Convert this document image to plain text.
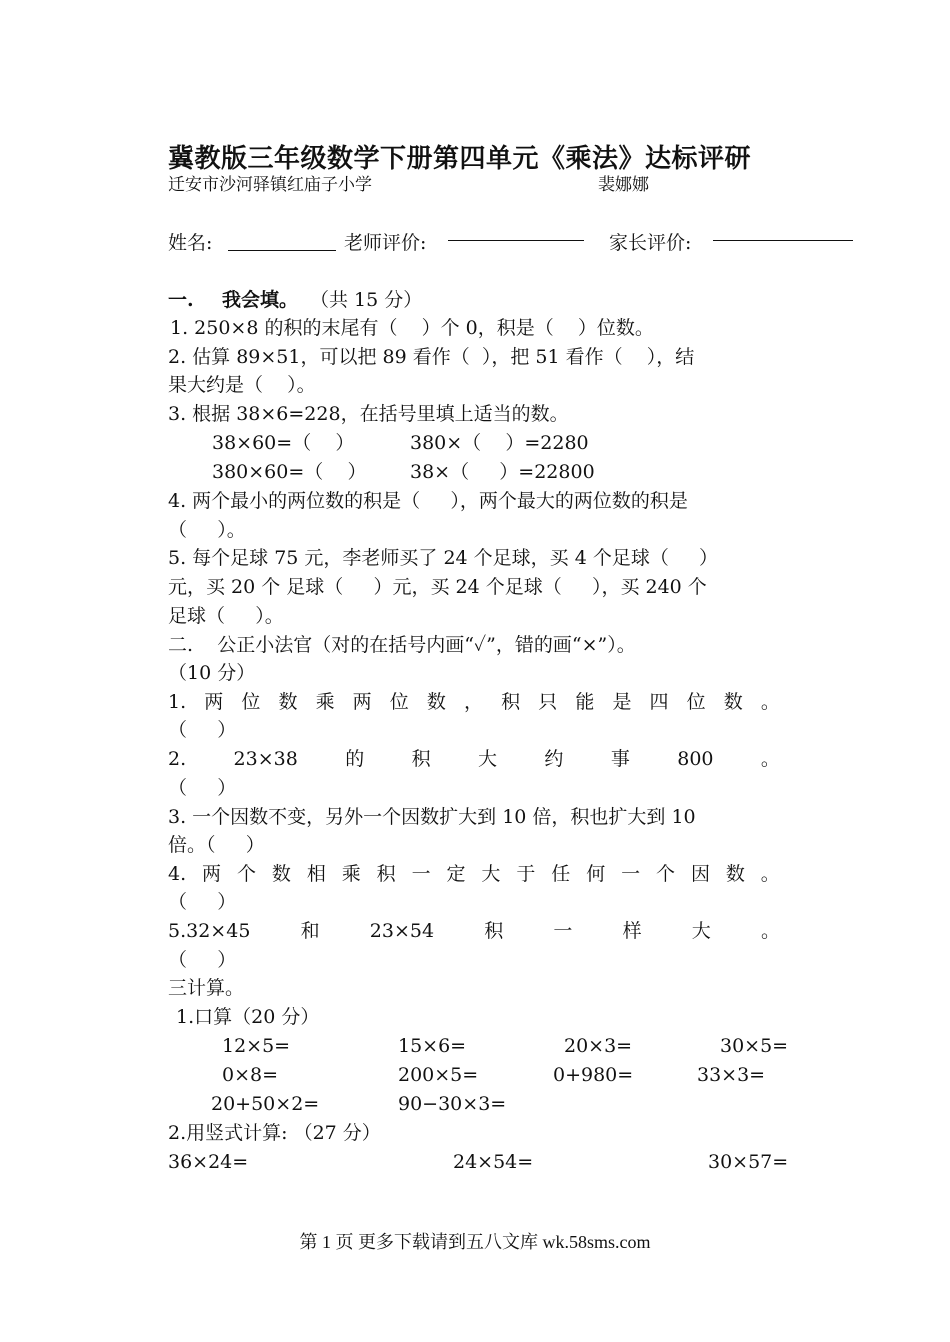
冀教版三年级数学下册第四单元《乘法》达标评研
迁安市沙河驿镇红庙子小学	裴娜娜
姓名:	老师评价:	家长评价:
一. 我会填。 （共 15 分）
1. 250×8 的积的末尾有（    ）个 0，积是（    ）位数。
2. 估算 89×51，可以把 89 看作（  ），把 51 看作（    ），结
果大约是（    ）。
3. 根据 38×6=228，在括号里填上适当的数。
38×60=（    ）	380×（    ）=2280
380×60=（    ） 38×（     ）=22800
4. 两个最小的两位数的积是（     ），两个最大的两位数的积是
（     ）。
5. 每个足球 75 元，李老师买了 24 个足球，买 4 个足球（     ）
元，买 20 个 足球（     ）元，买 24 个足球（     ），买 240 个
足球（     ）。
二.    公正小法官（对的在括号内画“✓”，错的画“×”）。
（10 分）
1. 两 位 数 乘 两 位 数 ， 积 只 能 是 四 位 数 。
（     ）
2. 23×38 的 积 大 约 事 800 。
（     ）
3. 一个因数不变，另外一个因数扩大到 10 倍，积也扩大到 10
倍。（     ）
4. 两 个 数 相 乘 积 一 定 大 于 任 何 一 个 因 数 。
（     ）
5.32×45	和	23×54	积	一	样	大	。
（     ）
三计算。
1.口算（20 分）
12×5=	15×6=	20×3=	30×5=
0×8=	200×5=	0+980=	33×3=
20+50×2=	90−30×3=
2.用竖式计算: （27 分）
36×24=	24×54=	30×57=
第 1 页 更多下载请到五八文库 wk.58sms.com
